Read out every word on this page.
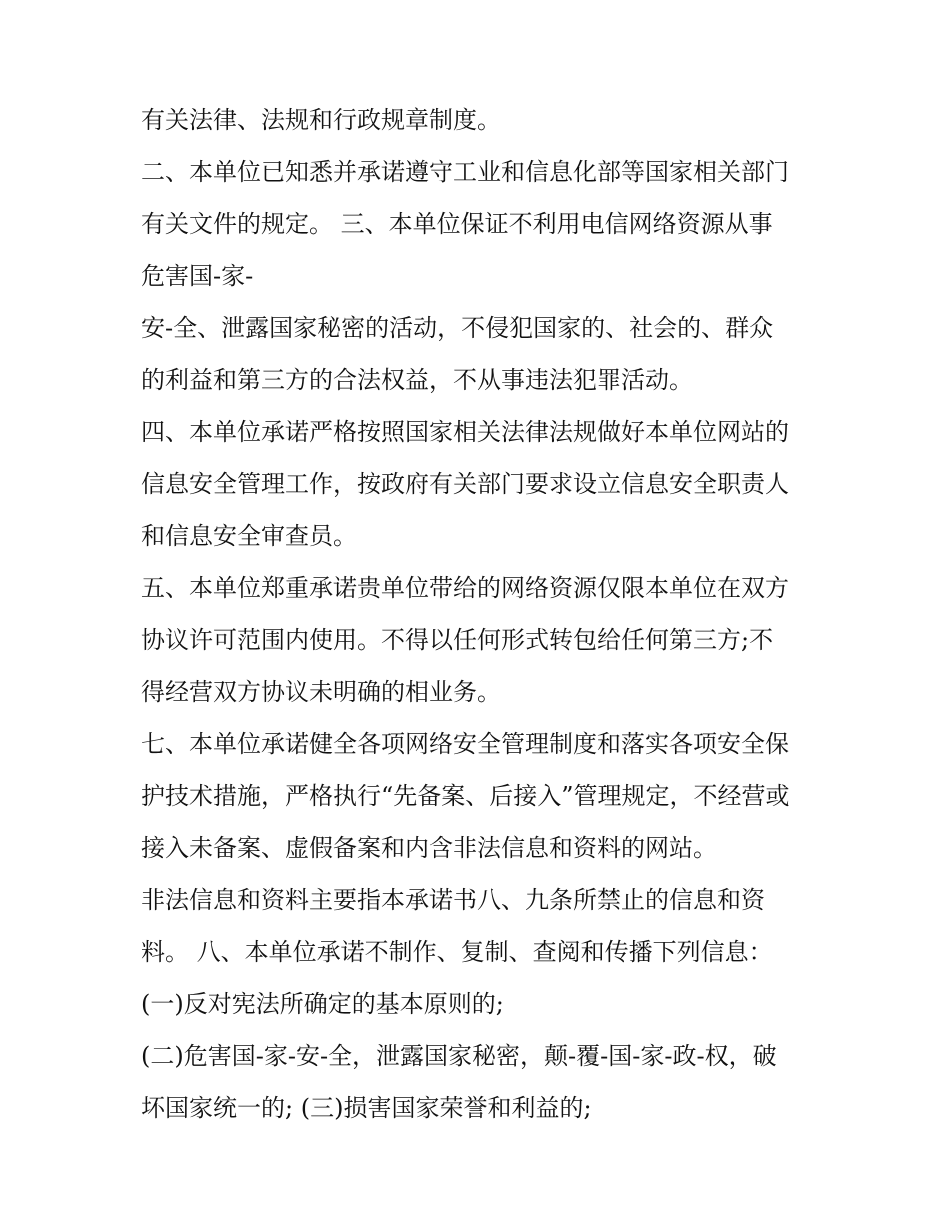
有关法律、法规和行政规章制度。
二、本单位已知悉并承诺遵守工业和信息化部等国家相关部门
有关文件的规定。 三、本单位保证不利用电信网络资源从事
危害国-家-
安-全、泄露国家秘密的活动，不侵犯国家的、社会的、群众
的利益和第三方的合法权益，不从事违法犯罪活动。
四、本单位承诺严格按照国家相关法律法规做好本单位网站的
信息安全管理工作，按政府有关部门要求设立信息安全职责人
和信息安全审查员。
五、本单位郑重承诺贵单位带给的网络资源仅限本单位在双方
协议许可范围内使用。不得以任何形式转包给任何第三方;不
得经营双方协议未明确的相业务。
七、本单位承诺健全各项网络安全管理制度和落实各项安全保
护技术措施，严格执行“先备案、后接入”管理规定，不经营或
接入未备案、虚假备案和内含非法信息和资料的网站。
非法信息和资料主要指本承诺书八、九条所禁止的信息和资
料。 八、本单位承诺不制作、复制、查阅和传播下列信息：
(一)反对宪法所确定的基本原则的;
(二)危害国-家-安-全，泄露国家秘密，颠-覆-国-家-政-权，破
坏国家统一的; (三)损害国家荣誉和利益的;
